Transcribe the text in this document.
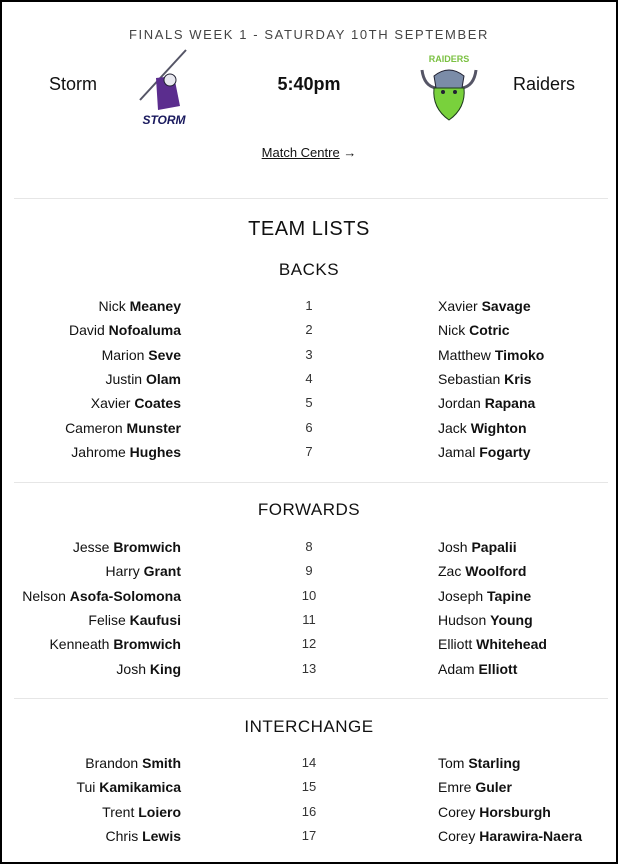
FINALS WEEK 1 - SATURDAY 10TH SEPTEMBER
Storm
STORM
5:40pm
RAIDERS
Raiders
Match Centre →
TEAM LISTS
BACKS
Nick Meaney	1	Xavier Savage
David Nofoaluma	2	Nick Cotric
Marion Seve	3	Matthew Timoko
Justin Olam	4	Sebastian Kris
Xavier Coates	5	Jordan Rapana
Cameron Munster	6	Jack Wighton
Jahrome Hughes	7	Jamal Fogarty
FORWARDS
Jesse Bromwich	8	Josh Papalii
Harry Grant	9	Zac Woolford
Nelson Asofa-Solomona	10	Joseph Tapine
Felise Kaufusi	11	Hudson Young
Kenneath Bromwich	12	Elliott Whitehead
Josh King	13	Adam Elliott
INTERCHANGE
Brandon Smith	14	Tom Starling
Tui Kamikamica	15	Emre Guler
Trent Loiero	16	Corey Horsburgh
Chris Lewis	17	Corey Harawira-Naera
